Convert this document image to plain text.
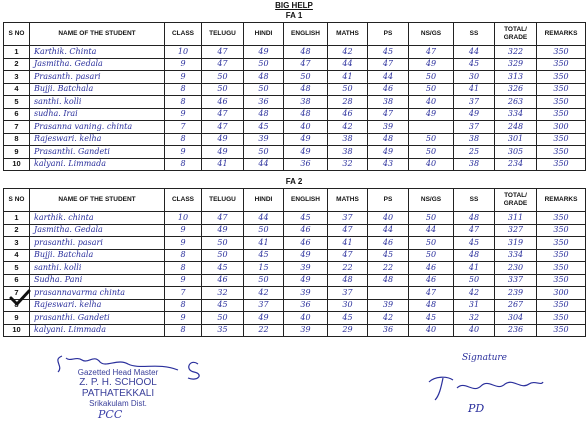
BIG HELP
FA 1
S NO	NAME OF THE STUDENT	CLASS	TELUGU	HINDI	ENGLISH	MATHS	PS	NS/GS	SS	TOTAL/ GRADE	REMARKS
1	Karthik. Chinta	10	47	49	48	42	45	47	44	322	350
2	Jasmitha. Gedala	9	47	50	47	44	47	49	45	329	350
3	Prasanth. pasari	9	50	48	50	41	44	50	30	313	350
4	Bujji. Batchala	8	50	50	48	50	46	50	41	326	350
5	santhi. kolli	8	46	36	38	28	38	40	37	263	350
6	sudha. Irai	9	47	48	48	46	47	49	49	334	350
7	Prasanna vaning. chinta	7	47	45	40	42	39		37	248	300
8	Rajeswari. kelha	8	49	39	49	38	48	50	38	301	350
9	Prasanthi. Gandeti	9	49	50	49	38	49	50	25	305	350
10	kalyani. Limmada	8	41	44	36	32	43	40	38	234	350
FA 2
S NO	NAME OF THE STUDENT	CLASS	TELUGU	HINDI	ENGLISH	MATHS	PS	NS/GS	SS	TOTAL/ GRADE	REMARKS
1	karthik. chinta	10	47	44	45	37	40	50	48	311	350
2	Jasmitha. Gedala	9	49	50	46	47	44	44	47	327	350
3	prasanthi. pasari	9	50	41	46	41	46	50	45	319	350
4	Bujji. Batchala	8	50	45	49	47	45	50	48	334	350
5	santhi. kolli	8	45	15	39	22	22	46	41	230	350
6	Sudha. Pani	9	46	50	49	48	48	46	50	337	350
7	prasannavarma chinta	7	32	42	39	37		47	42	239	300
8	Rajeswari. kelha	8	45	37	36	30	39	48	31	267	350
9	prasanthi. Gandeti	9	50	49	40	45	42	45	32	304	350
10	kalyani. Limmada	8	35	22	39	29	36	40	40	236	350
Gazetted Head Master
Z. P. H. SCHOOL
PATHATEKKALI
Srikakulam Dist.
PCC
Signature
PD
